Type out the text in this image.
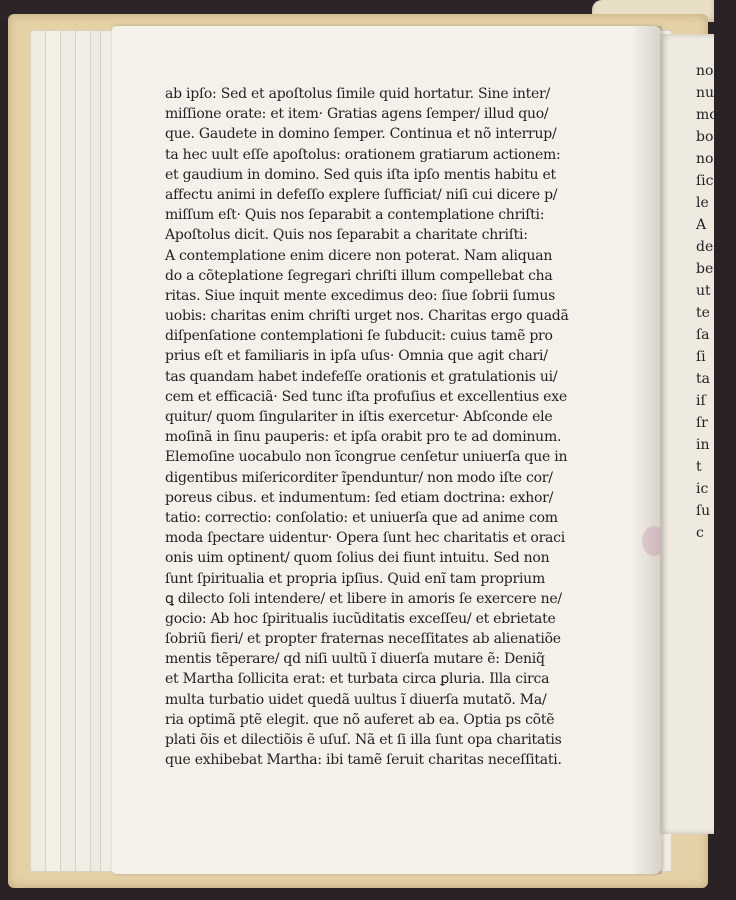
nor

nu

mo

bo

no

ſic

le

A

de

be

ut

te

ſa

ſi

ta

iſ

ſr

in

t

ic

ſu

c

ab ipſo: Sed et apoſtolus ſimile quid hortatur. Sine inter/

miſſione orate: et item· Gratias agens ſemper/ illud quo/

que. Gaudete in domino ſemper. Continua et nõ interrup/

ta hec uult eſſe apoſtolus: orationem gratiarum actionem:

et gaudium in domino. Sed quis iſta ipſo mentis habitu et

affectu animi in defeſſo explere ſufficiat/ niſi cui dicere p/

miſſum eſt· Quis nos ſeparabit a contemplatione chriſti:

Apoſtolus dicit. Quis nos ſeparabit a charitate chriſti:

A contemplatione enim dicere non poterat. Nam aliquan

do a cõteplatione ſegregari chriſti illum compellebat cha

ritas. Siue inquit mente excedimus deo: ſiue ſobrii ſumus

uobis: charitas enim chriſti urget nos. Charitas ergo quadã

diſpenſatione contemplationi ſe ſubducit: cuius tamẽ pro

prius eſt et familiaris in ipſa uſus· Omnia que agit chari/

tas quandam habet indefeſſe orationis et gratulationis ui/

cem et efficaciã· Sed tunc iſta profuſius et excellentius exe

quitur/ quom ſingulariter in iſtis exercetur· Abſconde ele

moſinã in ſinu pauperis: et ipſa orabit pro te ad dominum.

Elemoſine uocabulo non ĩcongrue cenſetur uniuerſa que in

digentibus miſericorditer ĩpenduntur/ non modo iſte cor/

poreus cibus. et indumentum: ſed etiam doctrina: exhor/

tatio: correctio: conſolatio: et uniuerſa que ad anime com

moda ſpectare uidentur· Opera ſunt hec charitatis et oraci

onis uim optinent/ quom ſolius dei fiunt intuitu. Sed non

ſunt ſpiritualia et propria ipſius. Quid enĩ tam proprium

ꝗ dilecto ſoli intendere/ et libere in amoris ſe exercere ne/

gocio: Ab hoc ſpiritualis iucũditatis exceſſeu/ et ebrietate

ſobriũ fieri/ et propter fraternas neceſſitates ab alienatiõe

mentis tẽperare/ qd niſi uultũ ĩ diuerſa mutare ẽ: Deniq̃

et Martha ſollicita erat: et turbata circa ꝑluria. Illa circa

multa turbatio uidet quedã uultus ĩ diuerſa mutatõ. Ma/

ria optimã ptẽ elegit. que nõ auferet ab ea. Optia ps cõtẽ

plati õis et dilectiõis ẽ uſuſ. Nã et ſi illa ſunt opa charitatis

que exhibebat Martha: ibi tamẽ ſeruit charitas neceſſitati.
